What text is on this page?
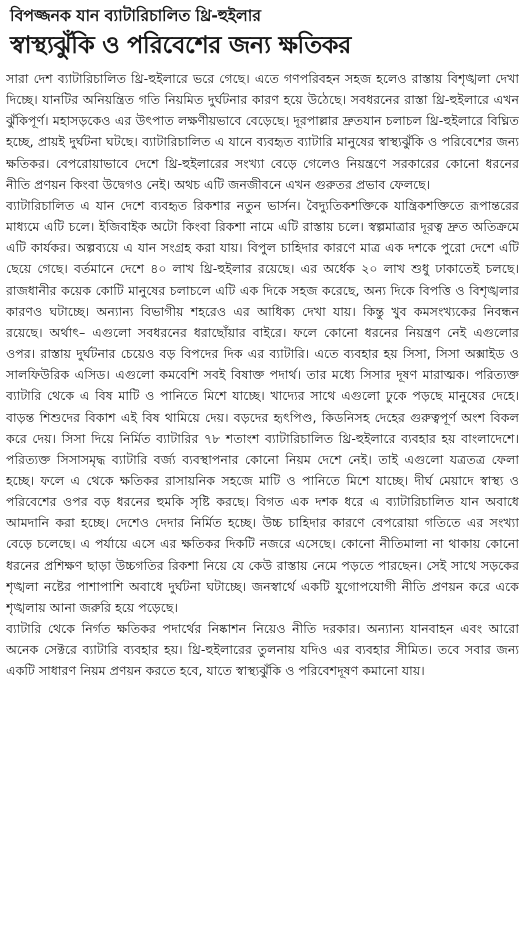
বিপজ্জনক যান ব্যাটারিচালিত থ্রি-হুইলার
স্বাস্থ্যঝুঁকি ও পরিবেশের জন্য ক্ষতিকর

সারা দেশ ব্যাটারিচালিত থ্রি-হুইলারে ভরে গেছে। এতে গণপরিবহন সহজ হলেও রাস্তায় বিশৃঙ্খলা দেখা দিচ্ছে। যানটির অনিয়ন্ত্রিত গতি নিয়মিত দুর্ঘটনার কারণ হয়ে উঠেছে। সবধরনের রাস্তা থ্রি-হুইলারে এখন ঝুঁকিপূর্ণ। মহাসড়কেও এর উৎপাত লক্ষণীয়ভাবে বেড়েছে। দূরপাল্লার দ্রুতযান চলাচল থ্রি-হুইলারে বিঘ্নিত হচ্ছে, প্রায়ই দুর্ঘটনা ঘটছে। ব্যাটারিচালিত এ যানে ব্যবহৃত ব্যাটারি মানুষের স্বাস্থ্যঝুঁকি ও পরিবেশের জন্য ক্ষতিকর। বেপরোয়াভাবে দেশে থ্রি-হুইলারের সংখ্যা বেড়ে গেলেও নিয়ন্ত্রণে সরকারের কোনো ধরনের নীতি প্রণয়ন কিংবা উদ্বেগও নেই। অথচ এটি জনজীবনে এখন গুরুতর প্রভাব ফেলছে।

ব্যাটারিচালিত এ যান দেশে ব্যবহৃত রিকশার নতুন ভার্সন। বৈদ্যুতিকশক্তিকে যান্ত্রিকশক্তিতে রূপান্তরের মাধ্যমে এটি চলে। ইজিবাইক অটো কিংবা রিকশা নামে এটি রাস্তায় চলে। স্বল্পমাত্রার দূরত্ব দ্রুত অতিক্রমে এটি কার্যকর। অল্পব্যয়ে এ যান সংগ্রহ করা যায়। বিপুল চাহিদার কারণে মাত্র এক দশকে পুরো দেশে এটি ছেয়ে গেছে। বর্তমানে দেশে ৪০ লাখ থ্রি-হুইলার রয়েছে। এর অর্ধেক ২০ লাখ শুধু ঢাকাতেই চলছে। রাজধানীর কয়েক কোটি মানুষের চলাচলে এটি এক দিকে সহজ করেছে, অন্য দিকে বিপত্তি ও বিশৃঙ্খলার কারণও ঘটাচ্ছে। অন্যান্য বিভাগীয় শহরেও এর আধিক্য দেখা যায়। কিন্তু খুব কমসংখ্যকের নিবন্ধন রয়েছে। অর্থাৎ– এগুলো সবধরনের ধরাছোঁয়ার বাইরে। ফলে কোনো ধরনের নিয়ন্ত্রণ নেই এগুলোর ওপর। রাস্তায় দুর্ঘটনার চেয়েও বড় বিপদের দিক এর ব্যাটারি। এতে ব্যবহার হয় সিসা, সিসা অক্সাইড ও সালফিউরিক এসিড। এগুলো কমবেশি সবই বিষাক্ত পদার্থ। তার মধ্যে সিসার দূষণ মারাত্মক। পরিত্যক্ত ব্যাটারি থেকে এ বিষ মাটি ও পানিতে মিশে যাচ্ছে। খাদ্যের সাথে এগুলো ঢুকে পড়ছে মানুষের দেহে। বাড়ন্ত শিশুদের বিকাশ এই বিষ থামিয়ে দেয়। বড়দের হৃৎপিণ্ড, কিডনিসহ দেহের গুরুত্বপূর্ণ অংশ বিকল করে দেয়। সিসা দিয়ে নির্মিত ব্যাটারির ৭৮ শতাংশ ব্যাটারিচালিত থ্রি-হুইলারে ব্যবহার হয় বাংলাদেশে। পরিত্যক্ত সিসাসমৃদ্ধ ব্যাটারি বর্জ্য ব্যবস্থাপনার কোনো নিয়ম দেশে নেই। তাই এগুলো যত্রতত্র ফেলা হচ্ছে। ফলে এ থেকে ক্ষতিকর রাসায়নিক সহজে মাটি ও পানিতে মিশে যাচ্ছে। দীর্ঘ মেয়াদে স্বাস্থ্য ও পরিবেশের ওপর বড় ধরনের হুমকি সৃষ্টি করছে। বিগত এক দশক ধরে এ ব্যাটারিচালিত যান অবাধে আমদানি করা হচ্ছে। দেশেও দেদার নির্মিত হচ্ছে। উচ্চ চাহিদার কারণে বেপরোয়া গতিতে এর সংখ্যা বেড়ে চলেছে। এ পর্যায়ে এসে এর ক্ষতিকর দিকটি নজরে এসেছে। কোনো নীতিমালা না থাকায় কোনো ধরনের প্রশিক্ষণ ছাড়া উচ্চগতির রিকশা নিয়ে যে কেউ রাস্তায় নেমে পড়তে পারছেন। সেই সাথে সড়কের শৃঙ্খলা নষ্টের পাশাপাশি অবাধে দুর্ঘটনা ঘটাচ্ছে। জনস্বার্থে একটি যুগোপযোগী নীতি প্রণয়ন করে একে শৃঙ্খলায় আনা জরুরি হয়ে পড়েছে।

ব্যাটারি থেকে নির্গত ক্ষতিকর পদার্থের নিষ্কাশন নিয়েও নীতি দরকার। অন্যান্য যানবাহন এবং আরো অনেক সেক্টরে ব্যাটারি ব্যবহার হয়। থ্রি-হুইলারের তুলনায় যদিও এর ব্যবহার সীমিত। তবে সবার জন্য একটি সাধারণ নিয়ম প্রণয়ন করতে হবে, যাতে স্বাস্থ্যঝুঁকি ও পরিবেশদূষণ কমানো যায়।
